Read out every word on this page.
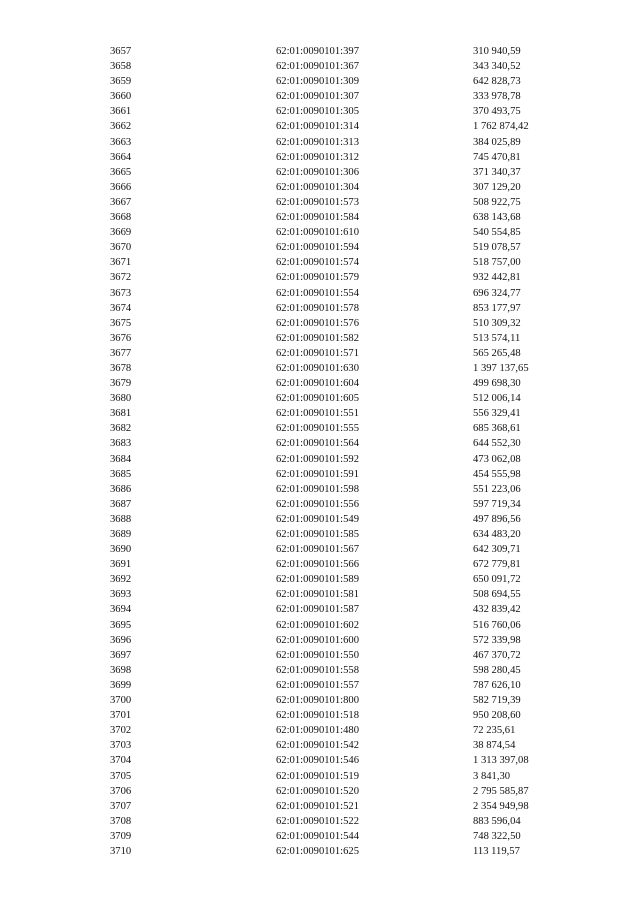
3657	62:01:0090101:397	310 940,59
3658	62:01:0090101:367	343 340,52
3659	62:01:0090101:309	642 828,73
3660	62:01:0090101:307	333 978,78
3661	62:01:0090101:305	370 493,75
3662	62:01:0090101:314	1 762 874,42
3663	62:01:0090101:313	384 025,89
3664	62:01:0090101:312	745 470,81
3665	62:01:0090101:306	371 340,37
3666	62:01:0090101:304	307 129,20
3667	62:01:0090101:573	508 922,75
3668	62:01:0090101:584	638 143,68
3669	62:01:0090101:610	540 554,85
3670	62:01:0090101:594	519 078,57
3671	62:01:0090101:574	518 757,00
3672	62:01:0090101:579	932 442,81
3673	62:01:0090101:554	696 324,77
3674	62:01:0090101:578	853 177,97
3675	62:01:0090101:576	510 309,32
3676	62:01:0090101:582	513 574,11
3677	62:01:0090101:571	565 265,48
3678	62:01:0090101:630	1 397 137,65
3679	62:01:0090101:604	499 698,30
3680	62:01:0090101:605	512 006,14
3681	62:01:0090101:551	556 329,41
3682	62:01:0090101:555	685 368,61
3683	62:01:0090101:564	644 552,30
3684	62:01:0090101:592	473 062,08
3685	62:01:0090101:591	454 555,98
3686	62:01:0090101:598	551 223,06
3687	62:01:0090101:556	597 719,34
3688	62:01:0090101:549	497 896,56
3689	62:01:0090101:585	634 483,20
3690	62:01:0090101:567	642 309,71
3691	62:01:0090101:566	672 779,81
3692	62:01:0090101:589	650 091,72
3693	62:01:0090101:581	508 694,55
3694	62:01:0090101:587	432 839,42
3695	62:01:0090101:602	516 760,06
3696	62:01:0090101:600	572 339,98
3697	62:01:0090101:550	467 370,72
3698	62:01:0090101:558	598 280,45
3699	62:01:0090101:557	787 626,10
3700	62:01:0090101:800	582 719,39
3701	62:01:0090101:518	950 208,60
3702	62:01:0090101:480	72 235,61
3703	62:01:0090101:542	38 874,54
3704	62:01:0090101:546	1 313 397,08
3705	62:01:0090101:519	3 841,30
3706	62:01:0090101:520	2 795 585,87
3707	62:01:0090101:521	2 354 949,98
3708	62:01:0090101:522	883 596,04
3709	62:01:0090101:544	748 322,50
3710	62:01:0090101:625	113 119,57
